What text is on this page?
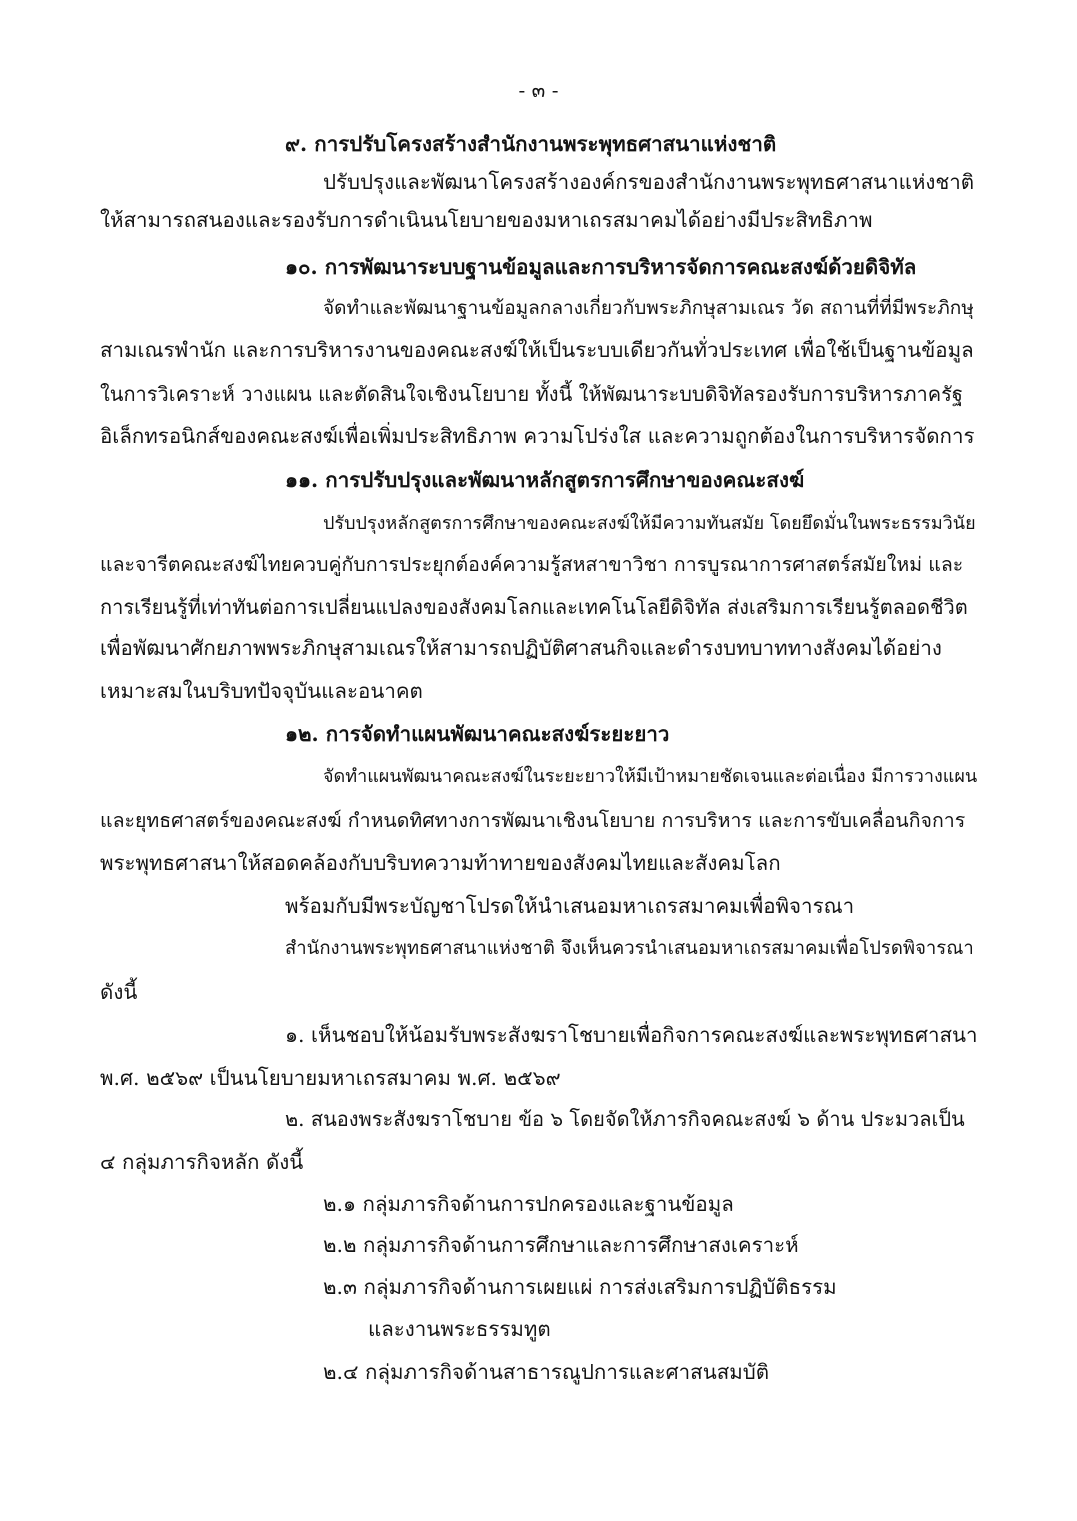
- ๓ -

๙. การปรับโครงสร้างสำนักงานพระพุทธศาสนาแห่งชาติ

ปรับปรุงและพัฒนาโครงสร้างองค์กรของสำนักงานพระพุทธศาสนาแห่งชาติ

ให้สามารถสนองและรองรับการดำเนินนโยบายของมหาเถรสมาคมได้อย่างมีประสิทธิภาพ

๑๐. การพัฒนาระบบฐานข้อมูลและการบริหารจัดการคณะสงฆ์ด้วยดิจิทัล

จัดทำและพัฒนาฐานข้อมูลกลางเกี่ยวกับพระภิกษุสามเณร วัด สถานที่ที่มีพระภิกษุ

สามเณรพำนัก และการบริหารงานของคณะสงฆ์ให้เป็นระบบเดียวกันทั่วประเทศ เพื่อใช้เป็นฐานข้อมูล

ในการวิเคราะห์ วางแผน และตัดสินใจเชิงนโยบาย ทั้งนี้ ให้พัฒนาระบบดิจิทัลรองรับการบริหารภาครัฐ

อิเล็กทรอนิกส์ของคณะสงฆ์เพื่อเพิ่มประสิทธิภาพ ความโปร่งใส และความถูกต้องในการบริหารจัดการ

๑๑. การปรับปรุงและพัฒนาหลักสูตรการศึกษาของคณะสงฆ์

ปรับปรุงหลักสูตรการศึกษาของคณะสงฆ์ให้มีความทันสมัย โดยยึดมั่นในพระธรรมวินัย

และจารีตคณะสงฆ์ไทยควบคู่กับการประยุกต์องค์ความรู้สหสาขาวิชา การบูรณาการศาสตร์สมัยใหม่ และ

การเรียนรู้ที่เท่าทันต่อการเปลี่ยนแปลงของสังคมโลกและเทคโนโลยีดิจิทัล ส่งเสริมการเรียนรู้ตลอดชีวิต

เพื่อพัฒนาศักยภาพพระภิกษุสามเณรให้สามารถปฏิบัติศาสนกิจและดำรงบทบาททางสังคมได้อย่าง

เหมาะสมในบริบทปัจจุบันและอนาคต

๑๒. การจัดทำแผนพัฒนาคณะสงฆ์ระยะยาว

จัดทำแผนพัฒนาคณะสงฆ์ในระยะยาวให้มีเป้าหมายชัดเจนและต่อเนื่อง มีการวางแผน

และยุทธศาสตร์ของคณะสงฆ์ กำหนดทิศทางการพัฒนาเชิงนโยบาย การบริหาร และการขับเคลื่อนกิจการ

พระพุทธศาสนาให้สอดคล้องกับบริบทความท้าทายของสังคมไทยและสังคมโลก

พร้อมกับมีพระบัญชาโปรดให้นำเสนอมหาเถรสมาคมเพื่อพิจารณา

สำนักงานพระพุทธศาสนาแห่งชาติ จึงเห็นควรนำเสนอมหาเถรสมาคมเพื่อโปรดพิจารณา

ดังนี้

๑. เห็นชอบให้น้อมรับพระสังฆราโชบายเพื่อกิจการคณะสงฆ์และพระพุทธศาสนา

พ.ศ. ๒๕๖๙ เป็นนโยบายมหาเถรสมาคม พ.ศ. ๒๕๖๙

๒. สนองพระสังฆราโชบาย ข้อ ๖ โดยจัดให้ภารกิจคณะสงฆ์ ๖ ด้าน ประมวลเป็น

๔ กลุ่มภารกิจหลัก ดังนี้

๒.๑ กลุ่มภารกิจด้านการปกครองและฐานข้อมูล

๒.๒ กลุ่มภารกิจด้านการศึกษาและการศึกษาสงเคราะห์

๒.๓ กลุ่มภารกิจด้านการเผยแผ่ การส่งเสริมการปฏิบัติธรรม

และงานพระธรรมทูต

๒.๔ กลุ่มภารกิจด้านสาธารณูปการและศาสนสมบัติ
